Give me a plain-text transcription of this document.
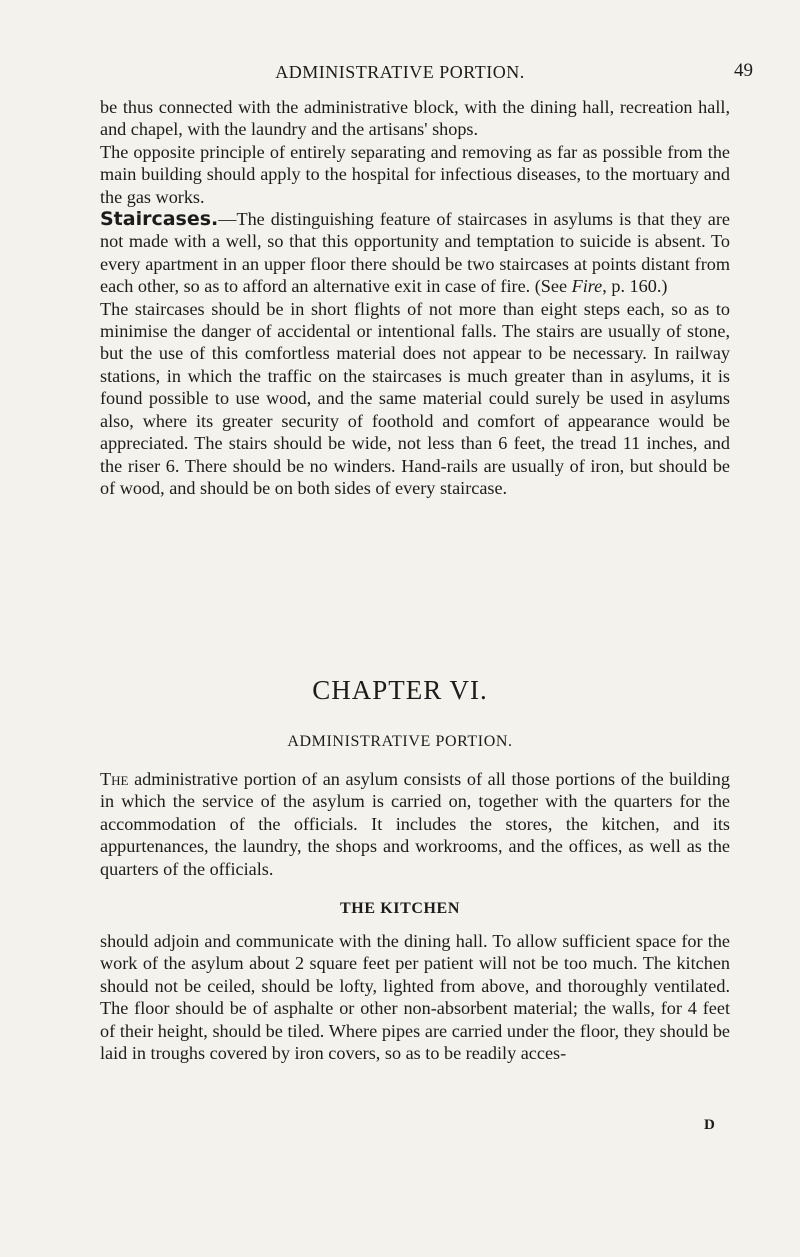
ADMINISTRATIVE PORTION.	49

be thus connected with the administrative block, with the dining hall, recreation hall, and chapel, with the laundry and the artisans' shops.

The opposite principle of entirely separating and removing as far as possible from the main building should apply to the hospital for infectious diseases, to the mortuary and the gas works.

Staircases.—The distinguishing feature of staircases in asylums is that they are not made with a well, so that this opportunity and temptation to suicide is absent. To every apartment in an upper floor there should be two staircases at points distant from each other, so as to afford an alternative exit in case of fire. (See Fire, p. 160.)

The staircases should be in short flights of not more than eight steps each, so as to minimise the danger of accidental or intentional falls. The stairs are usually of stone, but the use of this comfortless material does not appear to be necessary. In railway stations, in which the traffic on the staircases is much greater than in asylums, it is found possible to use wood, and the same material could surely be used in asylums also, where its greater security of foothold and comfort of appearance would be appreciated. The stairs should be wide, not less than 6 feet, the tread 11 inches, and the riser 6. There should be no winders. Hand-rails are usually of iron, but should be of wood, and should be on both sides of every staircase.

CHAPTER VI.
ADMINISTRATIVE PORTION.

The administrative portion of an asylum consists of all those portions of the building in which the service of the asylum is carried on, together with the quarters for the accommodation of the officials. It includes the stores, the kitchen, and its appurtenances, the laundry, the shops and workrooms, and the offices, as well as the quarters of the officials.

THE KITCHEN

should adjoin and communicate with the dining hall. To allow sufficient space for the work of the asylum about 2 square feet per patient will not be too much. The kitchen should not be ceiled, should be lofty, lighted from above, and thoroughly ventilated. The floor should be of asphalte or other non-absorbent material; the walls, for 4 feet of their height, should be tiled. Where pipes are carried under the floor, they should be laid in troughs covered by iron covers, so as to be readily acces-

D
